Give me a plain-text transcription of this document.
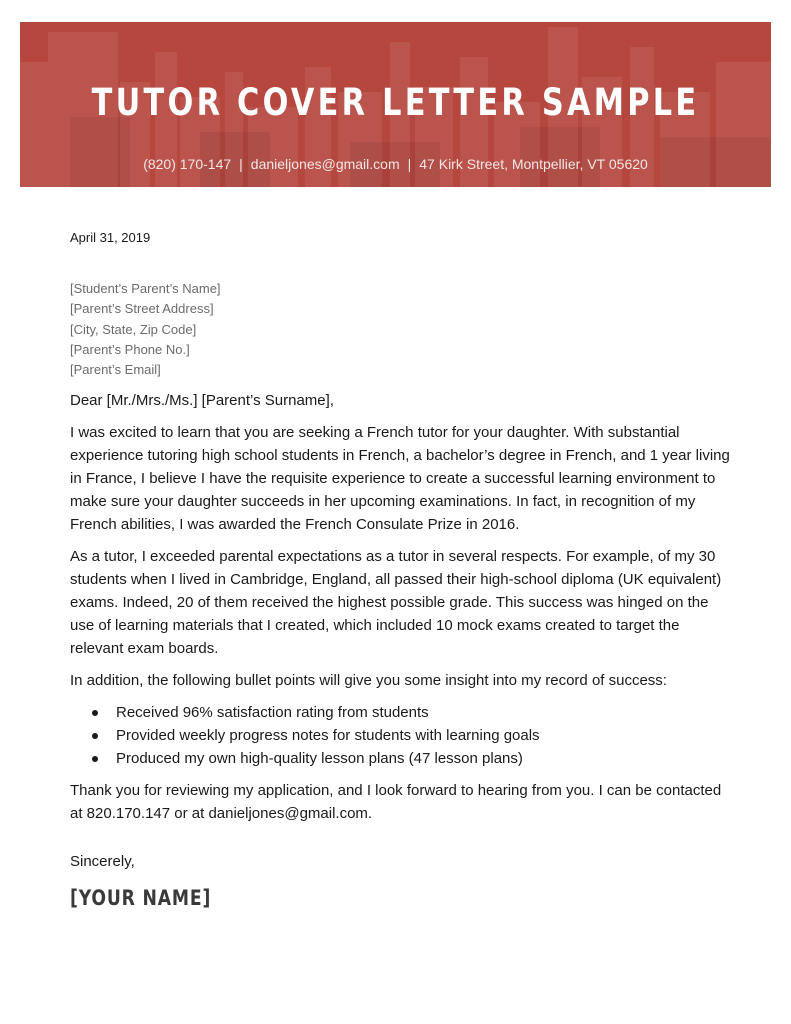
TUTOR COVER LETTER SAMPLE
(820) 170-147 | danieljones@gmail.com | 47 Kirk Street, Montpellier, VT 05620

April 31, 2019

[Student’s Parent’s Name]
[Parent’s Street Address]
[City, State, Zip Code]
[Parent’s Phone No.]
[Parent’s Email]

Dear [Mr./Mrs./Ms.] [Parent’s Surname],

I was excited to learn that you are seeking a French tutor for your daughter. With substantial experience tutoring high school students in French, a bachelor’s degree in French, and 1 year living in France, I believe I have the requisite experience to create a successful learning environment to make sure your daughter succeeds in her upcoming examinations. In fact, in recognition of my French abilities, I was awarded the French Consulate Prize in 2016.

As a tutor, I exceeded parental expectations as a tutor in several respects. For example, of my 30 students when I lived in Cambridge, England, all passed their high-school diploma (UK equivalent) exams. Indeed, 20 of them received the highest possible grade. This success was hinged on the use of learning materials that I created, which included 10 mock exams created to target the relevant exam boards.

In addition, the following bullet points will give you some insight into my record of success:

Received 96% satisfaction rating from students
Provided weekly progress notes for students with learning goals
Produced my own high-quality lesson plans (47 lesson plans)

Thank you for reviewing my application, and I look forward to hearing from you. I can be contacted at 820.170.147 or at danieljones@gmail.com.

Sincerely,

[YOUR NAME]
